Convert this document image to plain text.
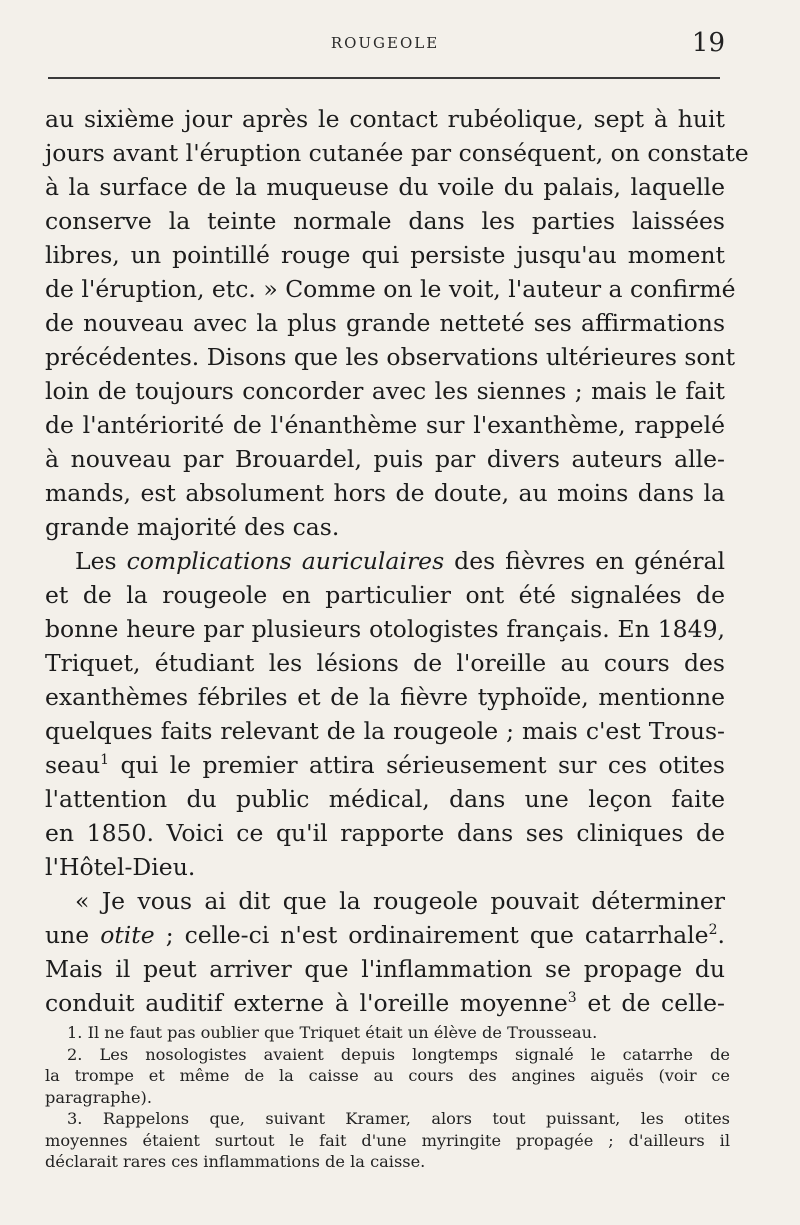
ROUGEOLE	19

au sixième jour après le contact rubéolique, sept à huit
jours avant l'éruption cutanée par conséquent, on constate
à la surface de la muqueuse du voile du palais, laquelle
conserve la teinte normale dans les parties laissées
libres, un pointillé rouge qui persiste jusqu'au moment
de l'éruption, etc. » Comme on le voit, l'auteur a confirmé
de nouveau avec la plus grande netteté ses affirmations
précédentes. Disons que les observations ultérieures sont
loin de toujours concorder avec les siennes ; mais le fait
de l'antériorité de l'énanthème sur l'exanthème, rappelé
à nouveau par Brouardel, puis par divers auteurs alle-
mands, est absolument hors de doute, au moins dans la
grande majorité des cas.

Les complications auriculaires des fièvres en général
et de la rougeole en particulier ont été signalées de
bonne heure par plusieurs otologistes français. En 1849,
Triquet, étudiant les lésions de l'oreille au cours des
exanthèmes fébriles et de la fièvre typhoïde, mentionne
quelques faits relevant de la rougeole ; mais c'est Trous-
seau$^1$ qui le premier attira sérieusement sur ces otites
l'attention du public médical, dans une leçon faite
en 1850. Voici ce qu'il rapporte dans ses cliniques de
l'Hôtel-Dieu.

« Je vous ai dit que la rougeole pouvait déterminer
une otite ; celle-ci n'est ordinairement que catarrhale$^2$.
Mais il peut arriver que l'inflammation se propage du
conduit auditif externe à l'oreille moyenne$^3$ et de celle-

1. Il ne faut pas oublier que Triquet était un élève de Trousseau.
2. Les nosologistes avaient depuis longtemps signalé le catarrhe de
la trompe et même de la caisse au cours des angines aiguës (voir ce
paragraphe).
3. Rappelons que, suivant Kramer, alors tout puissant, les otites
moyennes étaient surtout le fait d'une myringite propagée ; d'ailleurs il
déclarait rares ces inflammations de la caisse.
